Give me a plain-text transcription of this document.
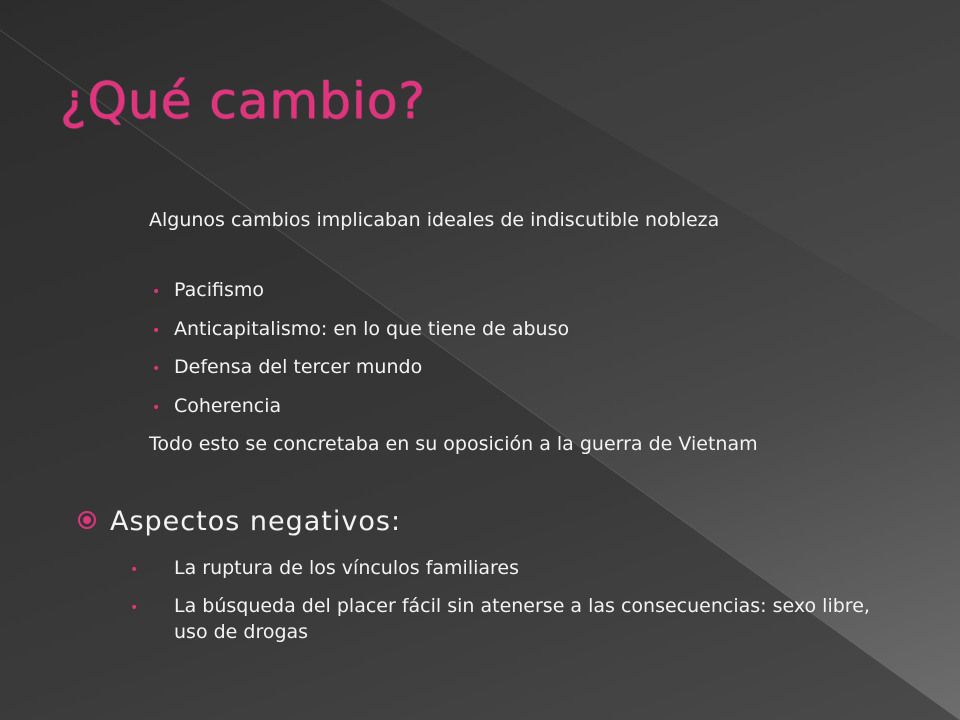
¿Qué cambio?

Algunos cambios implicaban ideales de indiscutible nobleza

• Pacifismo

• Anticapitalismo: en lo que tiene de abuso

• Defensa del tercer mundo

• Coherencia

Todo esto se concretaba en su oposición a la guerra de Vietnam

Aspectos negativos:

• La ruptura de los vínculos familiares

• La búsqueda del placer fácil sin atenerse a las consecuencias: sexo libre, uso de drogas
